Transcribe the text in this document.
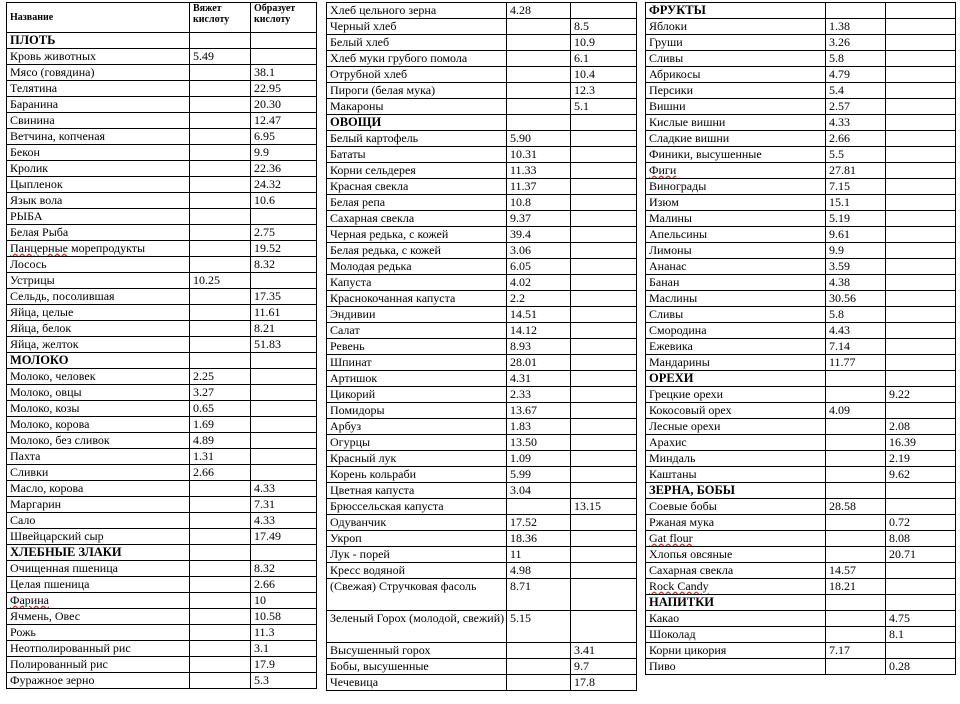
Название	Вяжет кислоту	Образует кислоту
ПЛОТЬ		
Кровь животных	5.49	
Мясо (говядина)		38.1
Телятина		22.95
Баранина		20.30
Свинина		12.47
Ветчина, копченая		6.95
Бекон		9.9
Кролик		22.36
Цыпленок		24.32
Язык вола		10.6
РЫБА		
Белая Рыба		2.75
Панцерные морепродукты		19.52
Лосось		8.32
Устрицы	10.25	
Сельдь, посолившая		17.35
Яйца, целые		11.61
Яйца, белок		8.21
Яйца, желток		51.83
МОЛОКО		
Молоко, человек	2.25	
Молоко, овцы	3.27	
Молоко, козы	0.65	
Молоко, корова	1.69	
Молоко, без сливок	4.89	
Пахта	1.31	
Сливки	2.66	
Масло, корова		4.33
Маргарин		7.31
Сало		4.33
Швейцарский сыр		17.49
ХЛЕБНЫЕ ЗЛАКИ		
Очищенная пшеница		8.32
Целая пшеница		2.66
Фарина		10
Ячмень, Овес		10.58
Рожь		11.3
Неотполированный рис		3.1
Полированный рис		17.9
Фуражное зерно		5.3
Хлеб цельного зерна	4.28	
Черный хлеб		8.5
Белый хлеб		10.9
Хлеб муки грубого помола		6.1
Отрубной хлеб		10.4
Пироги (белая мука)		12.3
Макароны		5.1
ОВОЩИ		
Белый картофель	5.90	
Бататы	10.31	
Корни сельдерея	11.33	
Красная свекла	11.37	
Белая репа	10.8	
Сахарная свекла	9.37	
Черная редька, с кожей	39.4	
Белая редька, с кожей	3.06	
Молодая редька	6.05	
Капуста	4.02	
Краснокочанная капуста	2.2	
Эндивии	14.51	
Салат	14.12	
Ревень	8.93	
Шпинат	28.01	
Артишок	4.31	
Цикорий	2.33	
Помидоры	13.67	
Арбуз	1.83	
Огурцы	13.50	
Красный лук	1.09	
Корень кольраби	5.99	
Цветная капуста	3.04	
Брюссельская капуста		13.15
Одуванчик	17.52	
Укроп	18.36	
Лук - порей	11	
Кресс водяной	4.98	
(Свежая) Стручковая фасоль	8.71	
Зеленый Горох (молодой, свежий)	5.15	
Высушенный горох		3.41
Бобы, высушенные		9.7
Чечевица		17.8
ФРУКТЫ		
Яблоки	1.38	
Груши	3.26	
Сливы	5.8	
Абрикосы	4.79	
Персики	5.4	
Вишни	2.57	
Кислые вишни	4.33	
Сладкие вишни	2.66	
Финики, высушенные	5.5	
Фиги	27.81	
Винограды	7.15	
Изюм	15.1	
Малины	5.19	
Апельсины	9.61	
Лимоны	9.9	
Ананас	3.59	
Банан	4.38	
Маслины	30.56	
Сливы	5.8	
Смородина	4.43	
Ежевика	7.14	
Мандарины	11.77	
ОРЕХИ		
Грецкие орехи		9.22
Кокосовый орех	4.09	
Лесные орехи		2.08
Арахис		16.39
Миндаль		2.19
Каштаны		9.62
ЗЕРНА, БОБЫ		
Соевые бобы	28.58	
Ржаная мука		0.72
Gat flour		8.08
Хлопья овсяные		20.71
Сахарная свекла	14.57	
Rock Candy	18.21	
НАПИТКИ		
Какао		4.75
Шоколад		8.1
Корни цикория	7.17	
Пиво		0.28
